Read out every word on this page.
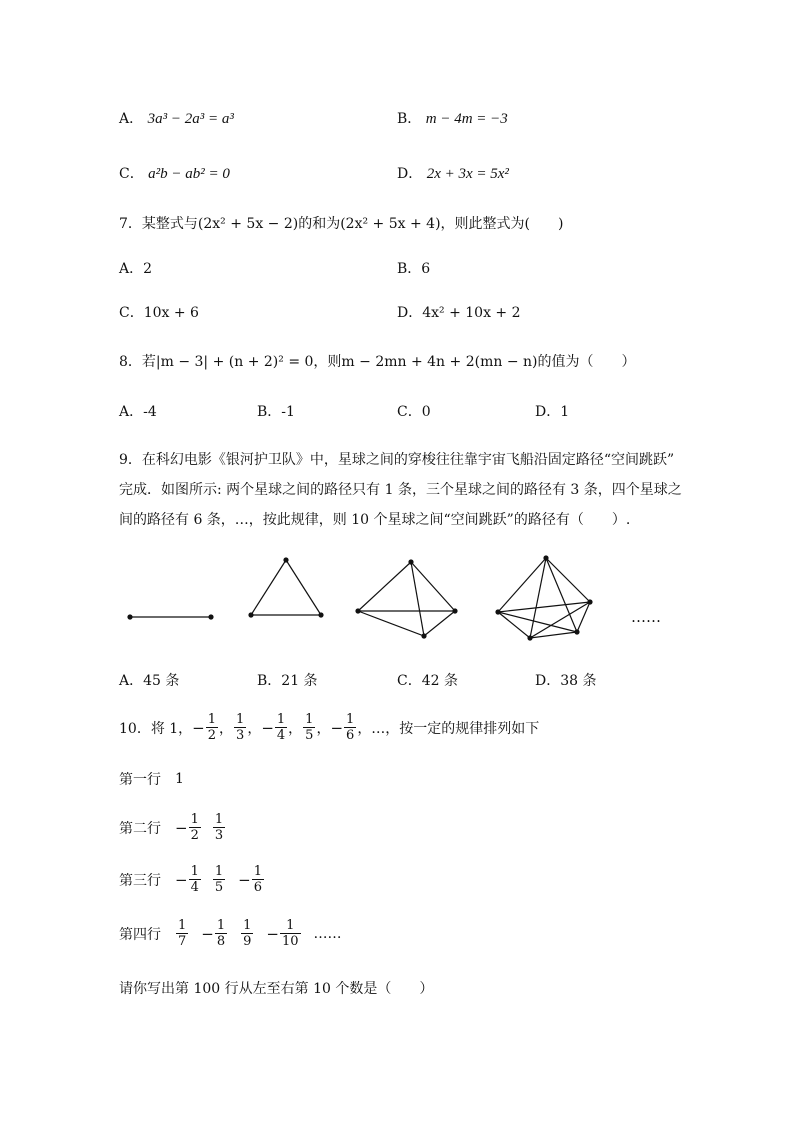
A． 3a³ − 2a³ = a³	B． m − 4m = −3
C． a²b − ab² = 0	D． 2x + 3x = 5x²
7．某整式与(2x² + 5x − 2)的和为(2x² + 5x + 4)，则此整式为(　　)
A．2	B．6
C．10x + 6	D．4x² + 10x + 2
8．若|m − 3| + (n + 2)² = 0，则m − 2mn + 4n + 2(mn − n)的值为（　　）
A．-4	B．-1	C．0	D．1
9．在科幻电影《银河护卫队》中，星球之间的穿梭往往靠宇宙飞船沿固定路径“空间跳跃”
完成．如图所示: 两个星球之间的路径只有 1 条，三个星球之间的路径有 3 条，四个星球之
间的路径有 6 条，…，按此规律，则 10 个星球之间“空间跳跃”的路径有（　　）.
……
A．45 条	B．21 条	C．42 条	D．38 条
10．将 1， − $\frac{1}{2}$ ， $\frac{1}{3}$ ， − $\frac{1}{4}$ ， $\frac{1}{5}$ ， − $\frac{1}{6}$ ，…，按一定的规律排列如下
第一行 1
第二行 − $\frac{1}{2} \frac{1}{3}$
第三行 − $\frac{1}{4} \frac{1}{5} - \frac{1}{6}$
第四行 $\frac{1}{7} - \frac{1}{8} \frac{1}{9} - \frac{1}{10}$ ……
请你写出第 100 行从左至右第 10 个数是（　　）
